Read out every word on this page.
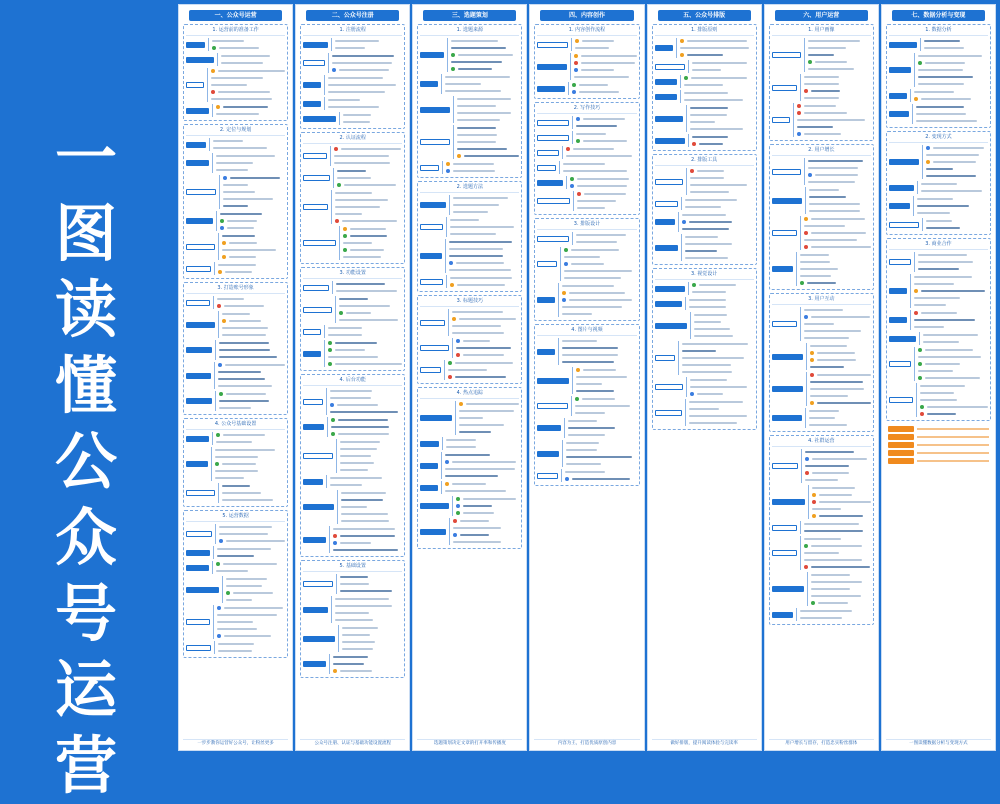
一
图
读
懂
公
众
号
运
营
一、公众号运营
1. 运营前的准备工作
2. 定位与规划
3. 打造账号形象
4. 公众号基础设置
5. 运营数据
一步步教你运营好公众号，让粉丝更多
二、公众号注册
1. 注册流程
2. 认证流程
3. 功能设置
4. 后台功能
5. 基础设置
公众号注册、认证与基础功能设置流程
三、选题策划
1. 选题来源
2. 选题方法
3. 标题技巧
4. 热点追踪
选题策划决定文章的打开率和传播度
四、内容创作
1. 内容创作流程
2. 写作技巧
3. 排版设计
4. 图片与视频
内容为王，打造优质原创内容
五、公众号排版
1. 排版原则
2. 排版工具
3. 视觉设计
做好排版，提升阅读体验与完读率
六、用户运营
1. 用户画像
2. 用户增长
3. 用户互动
4. 社群运营
用户增长与留存，打造忠实粉丝群体
七、数据分析与变现
1. 数据分析
2. 变现方式
3. 商业合作
一图读懂数据分析与变现方式
